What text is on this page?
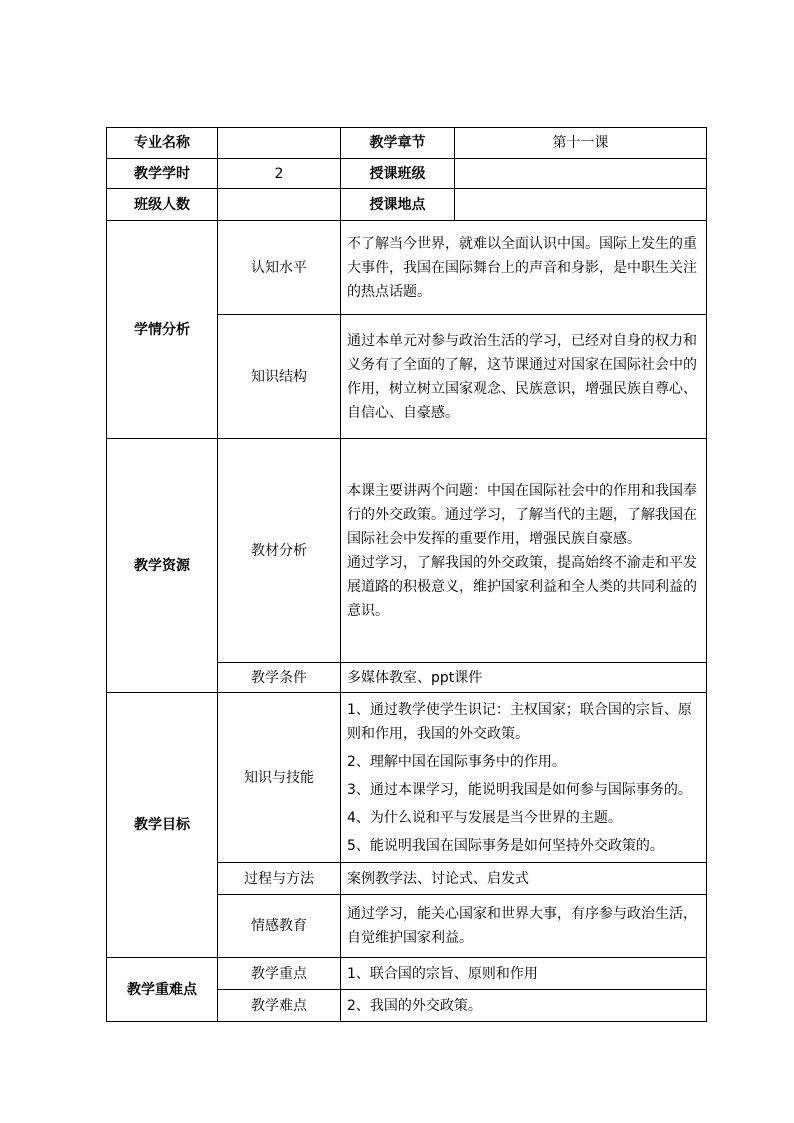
专业名称		教学章节	第十一课
教学学时	2	授课班级	
班级人数		授课地点	
学情分析	认知水平	不了解当今世界，就难以全面认识中国。国际上发生的重大事件，我国在国际舞台上的声音和身影，是中职生关注的热点话题。	
	知识结构	通过本单元对参与政治生活的学习，已经对自身的权力和义务有了全面的了解，这节课通过对国家在国际社会中的作用，树立树立国家观念、民族意识，增强民族自尊心、自信心、自豪感。	
教学资源	教材分析	本课主要讲两个问题：中国在国际社会中的作用和我国奉行的外交政策。通过学习，了解当代的主题，了解我国在国际社会中发挥的重要作用，增强民族自豪感。

通过学习，了解我国的外交政策，提高始终不渝走和平发展道路的积极意义，维护国家利益和全人类的共同利益的意识。	

	教学条件	多媒体教室、ppt课件	
教学目标	知识与技能	1、通过教学使学生识记：主权国家；联合国的宗旨、原则和作用，我国的外交政策。

2、理解中国在国际事务中的作用。

3、通过本课学习，能说明我国是如何参与国际事务的。

4、为什么说和平与发展是当今世界的主题。

5、能说明我国在国际事务是如何坚持外交政策的。	

	过程与方法	案例教学法、讨论式、启发式	
	情感教育	通过学习，能关心国家和世界大事，有序参与政治生活，自觉维护国家利益。	
教学重难点	教学重点	1、联合国的宗旨、原则和作用	
	教学难点	2、我国的外交政策。	
